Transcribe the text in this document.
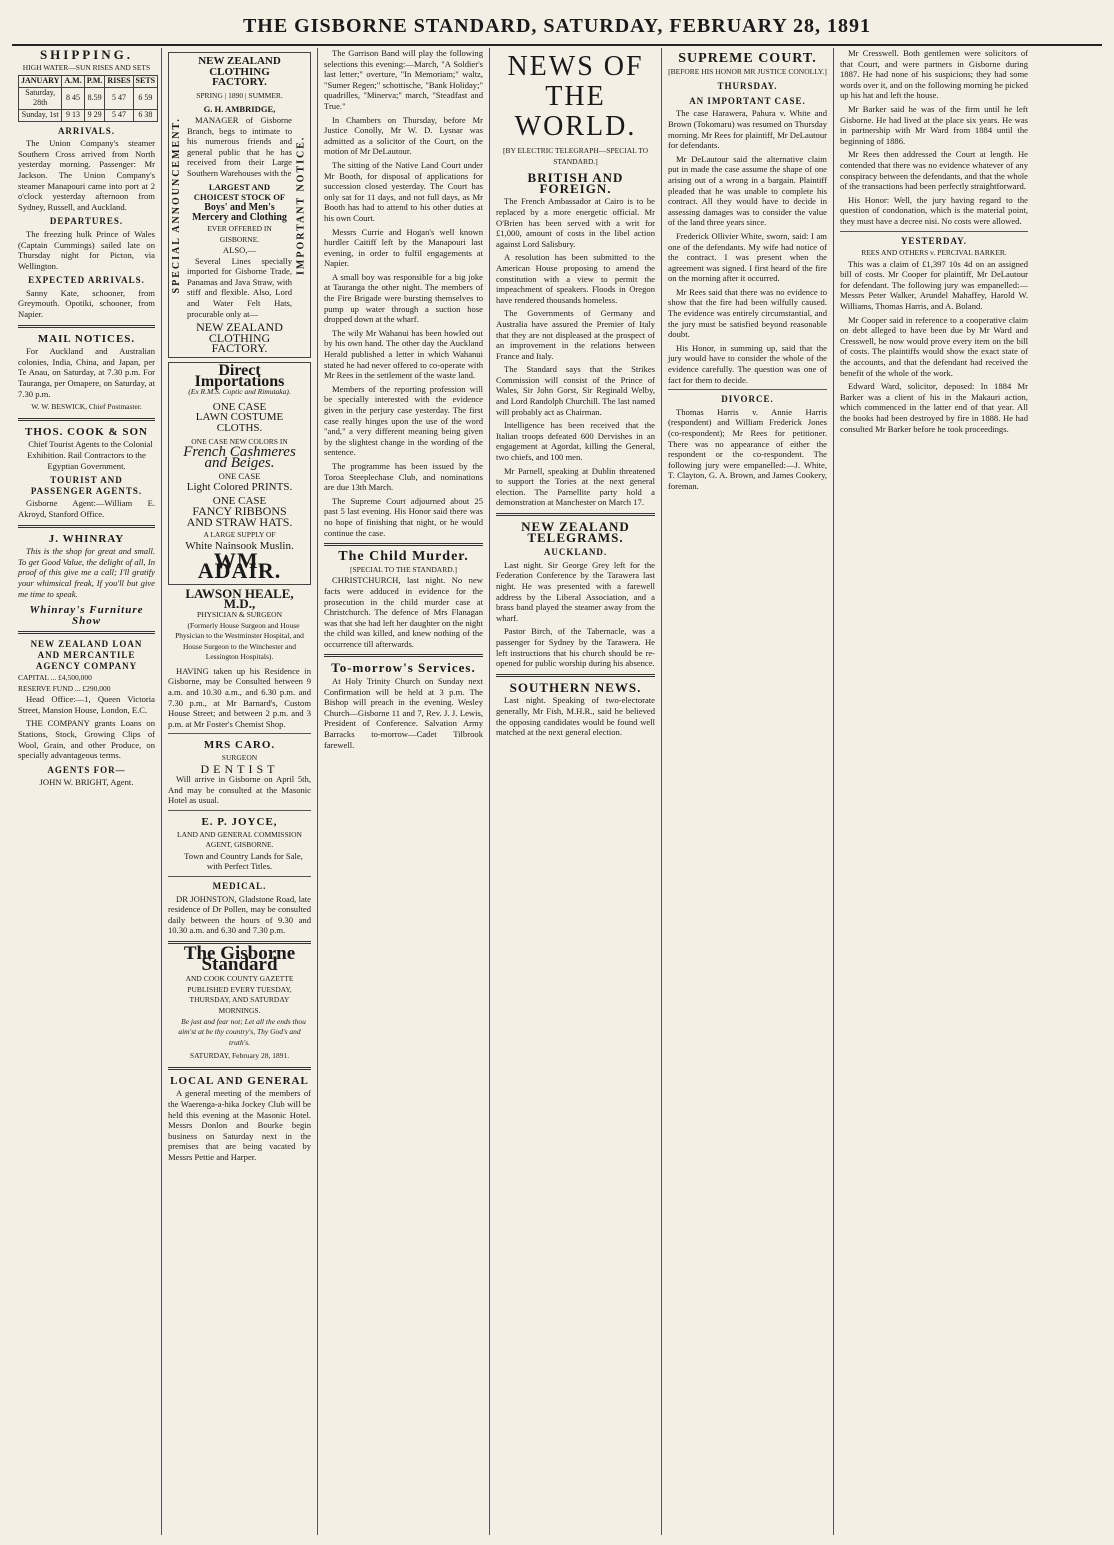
THE GISBORNE STANDARD, SATURDAY, FEBRUARY 28, 1891
SHIPPING.
HIGH WATER—SUN RISES AND SETS
JANUARY	A.M.	P.M.	RISES	SETS
Saturday, 28th	8 45	8.59	5 47	6 59
Sunday, 1st	9 13	9 29	5 47	6 38
ARRIVALS.

The Union Company's steamer Southern Cross arrived from North yesterday morning. Passenger: Mr Jackson. The Union Company's steamer Manapouri came into port at 2 o'clock yesterday afternoon from Sydney, Russell, and Auckland.

DEPARTURES.

The freezing hulk Prince of Wales (Captain Cummings) sailed late on Thursday night for Picton, via Wellington.

EXPECTED ARRIVALS.

Sanny Kate, schooner, from Greymouth. Opotiki, schooner, from Napier.

MAIL NOTICES.

For Auckland and Australian colonies, India, China, and Japan, per Te Anau, on Saturday, at 7.30 p.m. For Tauranga, per Omapere, on Saturday, at 7.30 p.m.

W. W. BESWICK, Chief Postmaster.
THOS. COOK & SON

Chief Tourist Agents to the Colonial Exhibition. Rail Contractors to the Egyptian Government.

TOURIST AND PASSENGER AGENTS.

Gisborne Agent:—William E. Akroyd, Stanford Office.

J. WHINRAY

This is the shop for great and small. To get Good Value, the delight of all, In proof of this give me a call; I'll gratify your whimsical freak, If you'll but give me time to speak.

Whinray's Furniture Show
NEW ZEALAND LOAN AND MERCANTILE AGENCY COMPANY
CAPITAL ... £4,500,000
RESERVE FUND ... £290,000

Head Office:—1, Queen Victoria Street, Mansion House, London, E.C.

THE COMPANY grants Loans on Stations, Stock, Growing Clips of Wool, Grain, and other Produce, on specially advantageous terms.

AGENTS FOR—
JOHN W. BRIGHT, Agent.
SPECIAL ANNOUNCEMENT.	IMPORTANT NOTICE.
NEW ZEALAND CLOTHING FACTORY.
SPRING | 1890 | SUMMER.
G. H. AMBRIDGE,

MANAGER of Gisborne Branch, begs to intimate to his numerous friends and general public that he has received from their Large Southern Warehouses with the

LARGEST AND CHOICEST STOCK OF
Boys' and Men's Mercery and Clothing
EVER OFFERED IN GISBORNE.
ALSO,—

Several Lines specially imported for Gisborne Trade, Panamas and Java Straw, with stiff and flexible. Also, Lord and Water Felt Hats, procurable only at—

NEW ZEALAND CLOTHING FACTORY.
Direct Importations
(Ex R.M.S. Coptic and Rimutaka).
ONE CASE
LAWN COSTUME CLOTHS.
ONE CASE NEW COLORS IN
French Cashmeres and Beiges.
ONE CASE
Light Colored PRINTS.
ONE CASE
FANCY RIBBONS
AND STRAW HATS.
A LARGE SUPPLY OF
White Nainsook Muslin.
WM. ADAIR.
LAWSON HEALE, M.D.,
PHYSICIAN & SURGEON

(Formerly House Surgeon and House Physician to the Westminster Hospital, and House Surgeon to the Winchester and Lessington Hospitals).

HAVING taken up his Residence in Gisborne, may be Consulted between 9 a.m. and 10.30 a.m., and 6.30 p.m. and 7.30 p.m., at Mr Barnard's, Custom House Street; and between 2 p.m. and 3 p.m. at Mr Foster's Chemist Shop.

MRS CARO.
SURGEON
DENTIST

Will arrive in Gisborne on April 5th, And may be consulted at the Masonic Hotel as usual.

E. P. JOYCE,
LAND AND GENERAL COMMISSION AGENT, GISBORNE.

Town and Country Lands for Sale, with Perfect Titles.

MEDICAL.

DR JOHNSTON, Gladstone Road, late residence of Dr Pollen, may be consulted daily between the hours of 9.30 and 10.30 a.m. and 6.30 and 7.30 p.m.

The Gisborne Standard
AND COOK COUNTY GAZETTE
PUBLISHED EVERY TUESDAY, THURSDAY, AND SATURDAY MORNINGS.

Be just and fear not; Let all the ends thou aim'st at be thy country's, Thy God's and truth's.

SATURDAY, February 28, 1891.
LOCAL AND GENERAL

A general meeting of the members of the Waerenga-a-hika Jockey Club will be held this evening at the Masonic Hotel. Messrs Donlon and Bourke begin business on Saturday next in the premises that are being vacated by Messrs Pettie and Harper.

The Garrison Band will play the following selections this evening:—March, "A Soldier's last letter;" overture, "In Memoriam;" waltz, "Sumer Regen;" schottische, "Bank Holiday;" quadrilles, "Minerva;" march, "Steadfast and True."

In Chambers on Thursday, before Mr Justice Conolly, Mr W. D. Lysnar was admitted as a solicitor of the Court, on the motion of Mr DeLautour.

The sitting of the Native Land Court under Mr Booth, for disposal of applications for succession closed yesterday. The Court has only sat for 11 days, and not full days, as Mr Booth has had to attend to his other duties at his own Court.

Messrs Currie and Hogan's well known hurdler Caitiff left by the Manapouri last evening, in order to fulfil engagements at Napier.

A small boy was responsible for a big joke at Tauranga the other night. The members of the Fire Brigade were bursting themselves to pump up water through a suction hose dropped down at the wharf.

The wily Mr Wahanui has been howled out by his own hand. The other day the Auckland Herald published a letter in which Wahanui stated he had never offered to co-operate with Mr Rees in the settlement of the waste land.

Members of the reporting profession will be specially interested with the evidence given in the perjury case yesterday. The first case really hinges upon the use of the word "and," a very different meaning being given by the slightest change in the wording of the sentence.

The programme has been issued by the Toroa Steeplechase Club, and nominations are due 13th March.

The Supreme Court adjourned about 25 past 5 last evening. His Honor said there was no hope of finishing that night, or he would continue the case.

The Child Murder.
[SPECIAL TO THE STANDARD.]

CHRISTCHURCH, last night. No new facts were adduced in evidence for the prosecution in the child murder case at Christchurch. The defence of Mrs Flanagan was that she had left her daughter on the night the child was killed, and knew nothing of the occurrence till afterwards.

To-morrow's Services.

At Holy Trinity Church on Sunday next Confirmation will be held at 3 p.m. The Bishop will preach in the evening. Wesley Church—Gisborne 11 and 7, Rev. J. J. Lewis, President of Conference. Salvation Army Barracks to-morrow—Cadet Tilbrook farewell.

NEWS OF THE WORLD.
[BY ELECTRIC TELEGRAPH—SPECIAL TO STANDARD.]
BRITISH AND FOREIGN.

The French Ambassador at Cairo is to be replaced by a more energetic official. Mr O'Brien has been served with a writ for £1,000, amount of costs in the libel action against Lord Salisbury.

A resolution has been submitted to the American House proposing to amend the constitution with a view to permit the impeachment of speakers. Floods in Oregon have rendered thousands homeless.

The Governments of Germany and Australia have assured the Premier of Italy that they are not displeased at the prospect of an improvement in the relations between France and Italy.

The Standard says that the Strikes Commission will consist of the Prince of Wales, Sir John Gorst, Sir Reginald Welby, and Lord Randolph Churchill. The last named will probably act as Chairman.

Intelligence has been received that the Italian troops defeated 600 Dervishes in an engagement at Agordat, killing the General, two chiefs, and 100 men.

Mr Parnell, speaking at Dublin threatened to support the Tories at the next general election. The Parnellite party hold a demonstration at Manchester on March 17.

NEW ZEALAND TELEGRAMS.
AUCKLAND.

Last night. Sir George Grey left for the Federation Conference by the Tarawera last night. He was presented with a farewell address by the Liberal Association, and a brass band played the steamer away from the wharf.

Pastor Birch, of the Tabernacle, was a passenger for Sydney by the Tarawera. He left instructions that his church should be re-opened for public worship during his absence.

SOUTHERN NEWS.

Last night. Speaking of two-electorate generally, Mr Fish, M.H.R., said he believed the opposing candidates would be found well matched at the next general election.

SUPREME COURT.
[BEFORE HIS HONOR MR JUSTICE CONOLLY.]
THURSDAY.
AN IMPORTANT CASE.

The case Harawera, Pahura v. White and Brown (Tokomaru) was resumed on Thursday morning. Mr Rees for plaintiff, Mr DeLautour for defendants.

Mr DeLautour said the alternative claim put in made the case assume the shape of one arising out of a wrong in a bargain. Plaintiff pleaded that he was unable to complete his contract. All they would have to decide in assessing damages was to consider the value of the land three years since.

Frederick Ollivier White, sworn, said: I am one of the defendants. My wife had notice of the contract. I was present when the agreement was signed. I first heard of the fire on the morning after it occurred.

Mr Rees said that there was no evidence to show that the fire had been wilfully caused. The evidence was entirely circumstantial, and the jury must be satisfied beyond reasonable doubt.

His Honor, in summing up, said that the jury would have to consider the whole of the evidence carefully. The question was one of fact for them to decide.

DIVORCE.

Thomas Harris v. Annie Harris (respondent) and William Frederick Jones (co-respondent); Mr Rees for petitioner. There was no appearance of either the respondent or the co-respondent. The following jury were empanelled:—J. White, T. Clayton, G. A. Brown, and James Cookery, foreman.

Mr Cresswell. Both gentlemen were solicitors of that Court, and were partners in Gisborne during 1887. He had none of his suspicions; they had some words over it, and on the following morning he picked up his hat and left the house.

Mr Barker said he was of the firm until he left Gisborne. He had lived at the place six years. He was in partnership with Mr Ward from 1884 until the beginning of 1886.

Mr Rees then addressed the Court at length. He contended that there was no evidence whatever of any conspiracy between the defendants, and that the whole of the transactions had been perfectly straightforward.

His Honor: Well, the jury having regard to the question of condonation, which is the material point, they must have a decree nisi. No costs were allowed.

YESTERDAY.
REES AND OTHERS v. PERCIVAL BARKER.

This was a claim of £1,397 10s 4d on an assigned bill of costs. Mr Cooper for plaintiff, Mr DeLautour for defendant. The following jury was empanelled:—Messrs Peter Walker, Arundel Mahaffey, Harold W. Williams, Thomas Harris, and A. Boland.

Mr Cooper said in reference to a cooperative claim on debt alleged to have been due by Mr Ward and Cresswell, he now would prove every item on the bill of costs. The plaintiffs would show the exact state of the accounts, and that the defendant had received the benefit of the whole of the work.

Edward Ward, solicitor, deposed: In 1884 Mr Barker was a client of his in the Makauri action, which commenced in the latter end of that year. All the books had been destroyed by fire in 1888. He had consulted Mr Barker before he took proceedings.
